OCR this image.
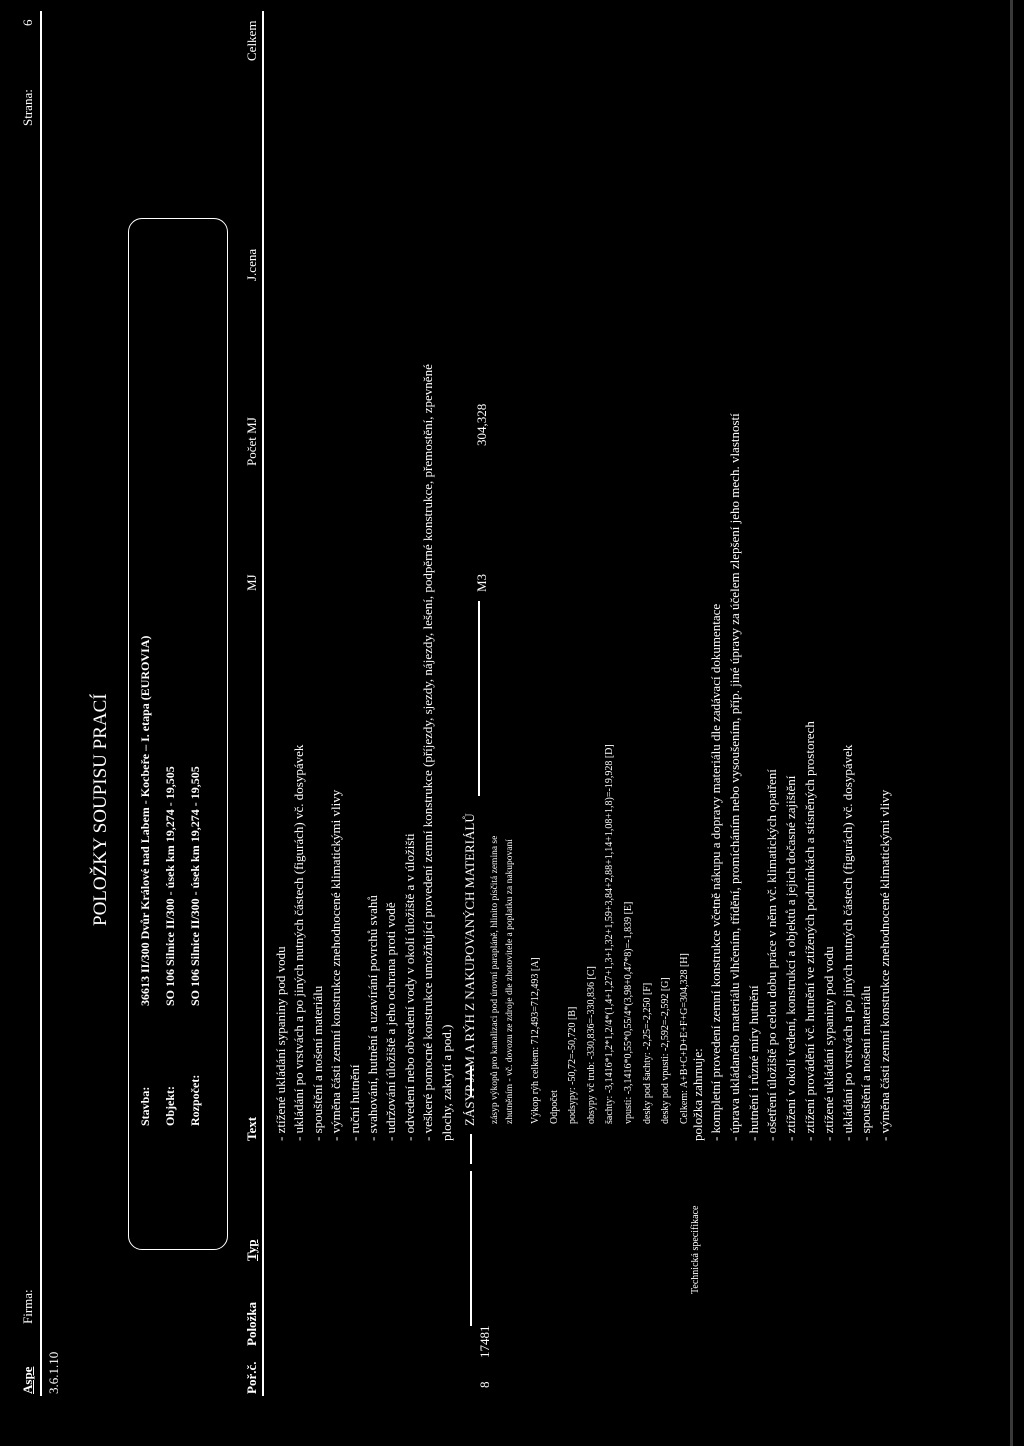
Aspe
Firma:
Strana:
6
3.6.1.10
POLOŽKY SOUPISU PRACÍ
Stavba:
36613 II/300 Dvůr Králové nad Labem - Kocbeře – I. etapa (EUROVIA)
Objekt:
SO 106 Silnice II/300 - úsek km 19,274 - 19,505
Rozpočet:
SO 106 Silnice II/300 - úsek km 19,274 - 19,505
Poř.č.
Položka
Typ
Text
MJ
Počet MJ
J.cena
Celkem
8
17481
ZÁSYP JAM A RÝH Z NAKUPOVANÝCH MATERIÁLŮ
M3
304,328
zásyp výkopů pro kanalizaci pod úrovní parapláně, hlinito písčitá zemina se zhutněním - vč. dovozu ze zdroje dle zhotovitele a poplatku za nakupovaní
Technická specifikace
položka zahrnuje:
- ztížené ukládání sypaniny pod vodu - ukládání po vrstvách a po jiných nutných částech (figurách) vč. dosypávek - spouštění a nošení materiálu - výměna části zemní konstrukce znehodnocené klimatickými vlivy - ruční hutnění - svahování, hutnění a uzavírání povrchů svahů - udržování úložiště a jeho ochrana proti vodě - odvedení nebo obvedení vody v okolí úložiště a v úložišti - veškeré pomocné konstrukce umožňující provedení zemní konstrukce (příjezdy, sjezdy, nájezdy, lešení, podpěrné konstrukce, přemostění, zpevněné plochy, zakrytí a pod.)	Výkop rýh celkem: 712,493=712,493 [A] Odpočet podsypy: -50,72=-50,720 [B] obsypy vč trub: -330,836=-330,836 [C] šachty: -3,1416*1,2*1,2/4*(1,4+1,27+1,3+1,32+1,59+3,84+2,88+1,14+1,08+1,8)=-19,928 [D] vpusti: -3,1416*0,55*0,55/4*(3,98+0,47*8)=-1,839 [E] desky pod šachty: -2,25=-2,250 [F] desky pod vpusti: -2,592=-2,592 [G] Celkem: A+B+C+D+E+F+G=304,328 [H] - kompletní provedení zemní konstrukce včetně nákupu a dopravy materiálu dle zadávací dokumentace - úprava ukládaného materiálu vlhčením, třídění, promícháním nebo vysoušením, příp. jiné úpravy za účelem zlepšení jeho mech. vlastností - hutnění i různé míry hutnění - ošetření úložiště po celou dobu práce v něm vč. klimatických opatření - ztížení v okolí vedení, konstrukcí a objektů a jejich dočasné zajištění - ztížení provádění vč. hutnění ve ztížených podmínkách a stísněných prostorech - ztížené ukládání sypaniny pod vodu - ukládání po vrstvách a po jiných nutných částech (figurách) vč. dosypávek - spouštění a nošení materiálu - výměna části zemní konstrukce znehodnocené klimatickými vlivy
